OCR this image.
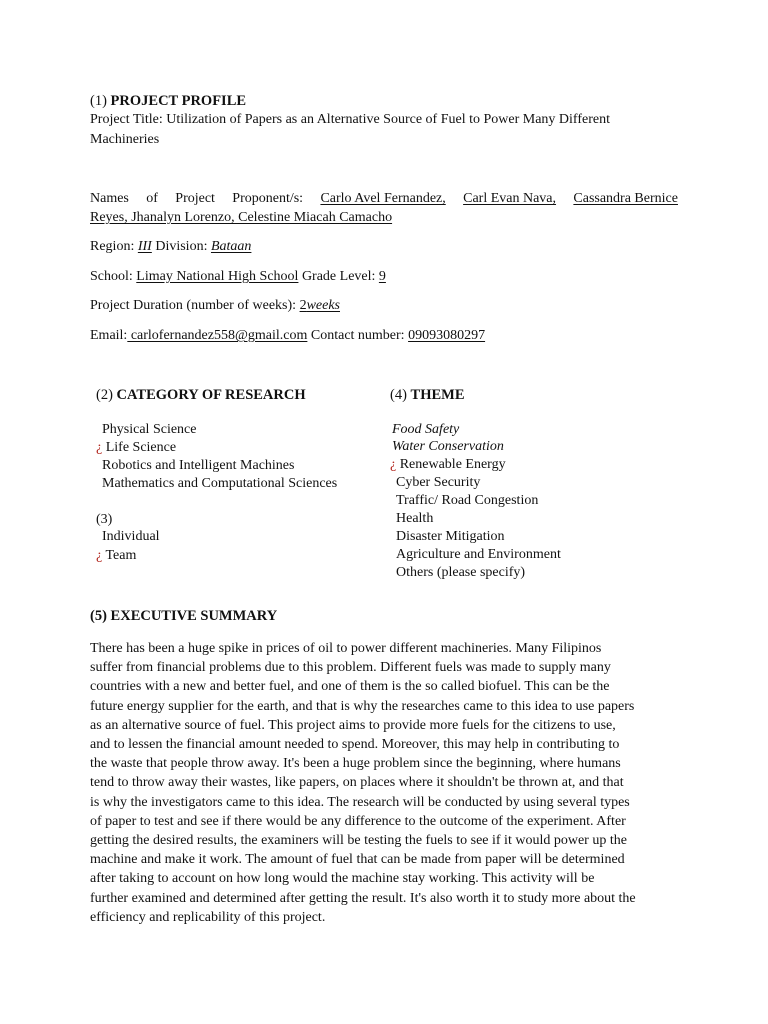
(1) PROJECT PROFILE
Project Title: Utilization of Papers as an Alternative Source of Fuel to Power Many Different
Machineries
Names of Project Proponent/s: Carlo Avel Fernandez, Carl Evan Nava, Cassandra Bernice
Reyes, Jhanalyn Lorenzo, Celestine Miacah Camacho
Region: III Division: Bataan
School: Limay National High School Grade Level: 9
Project Duration (number of weeks): 2weeks
Email: carlofernandez558@gmail.com Contact number: 09093080297
(2) CATEGORY OF RESEARCH
Physical Science
¿ Life Science
Robotics and Intelligent Machines
Mathematics and Computational Sciences
(3)
Individual
¿ Team
(4) THEME
Food Safety
Water Conservation
¿ Renewable Energy
Cyber Security
Traffic/ Road Congestion
Health
Disaster Mitigation
Agriculture and Environment
Others (please specify)
(5) EXECUTIVE SUMMARY
There has been a huge spike in prices of oil to power different machineries. Many Filipinos
suffer from financial problems due to this problem. Different fuels was made to supply many
countries with a new and better fuel, and one of them is the so called biofuel. This can be the
future energy supplier for the earth, and that is why the researches came to this idea to use papers
as an alternative source of fuel. This project aims to provide more fuels for the citizens to use,
and to lessen the financial amount needed to spend. Moreover, this may help in contributing to
the waste that people throw away. It's been a huge problem since the beginning, where humans
tend to throw away their wastes, like papers, on places where it shouldn't be thrown at, and that
is why the investigators came to this idea. The research will be conducted by using several types
of paper to test and see if there would be any difference to the outcome of the experiment. After
getting the desired results, the examiners will be testing the fuels to see if it would power up the
machine and make it work. The amount of fuel that can be made from paper will be determined
after taking to account on how long would the machine stay working. This activity will be
further examined and determined after getting the result. It's also worth it to study more about the
efficiency and replicability of this project.
